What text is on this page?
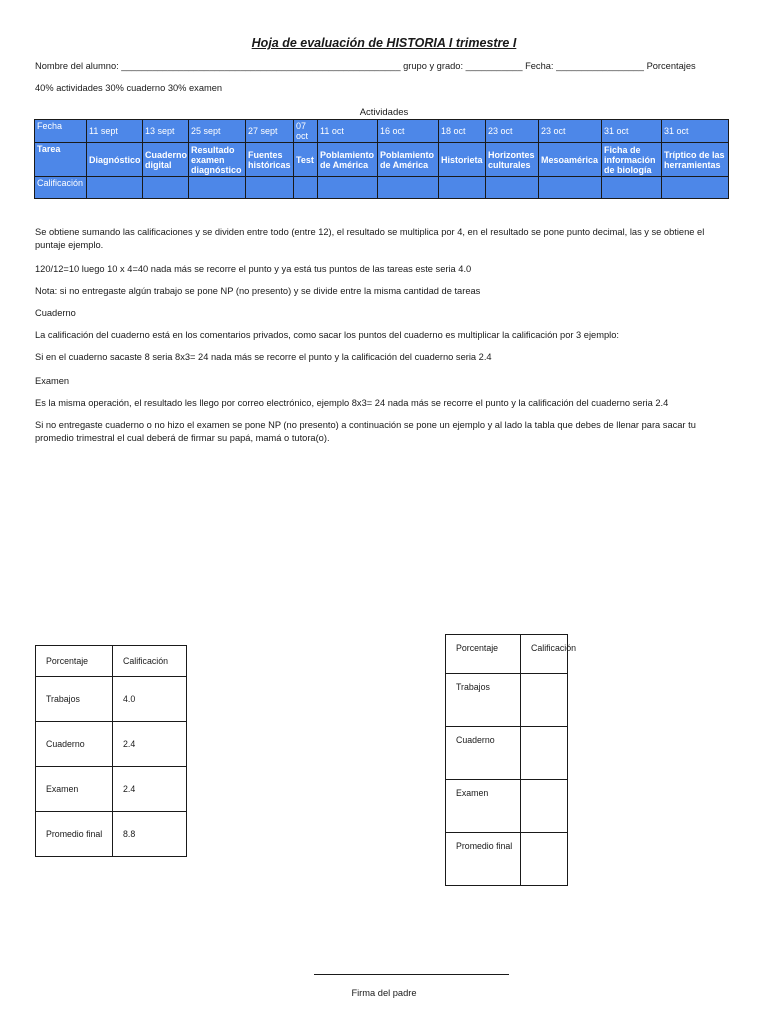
Hoja de evaluación de HISTORIA I trimestre I
Nombre del alumno: ______________________________________________________ grupo y grado: ___________ Fecha: _________________ Porcentajes
40% actividades 30% cuaderno 30% examen
Actividades
Fecha	11 sept	13 sept	25 sept	27 sept	07 oct	11 oct	16 oct	18 oct	23 oct	23 oct	31 oct	31 oct
Tarea	Diagnóstico	Cuaderno digital	Resultado examen diagnóstico	Fuentes históricas	Test	Poblamiento de América	Poblamiento de América	Historieta	Horizontes culturales	Mesoamérica	Ficha de información de biología	Tríptico de las herramientas
Calificación												
Se obtiene sumando las calificaciones y se dividen entre todo (entre 12), el resultado se multiplica por 4, en el resultado se pone punto decimal, las y se obtiene el puntaje ejemplo.
120/12=10 luego 10 x 4=40 nada más se recorre el punto y ya está tus puntos de las tareas este seria 4.0
Nota: si no entregaste algún trabajo se pone NP (no presento) y se divide entre la misma cantidad de tareas
Cuaderno
La calificación del cuaderno está en los comentarios privados, como sacar los puntos del cuaderno es multiplicar la calificación por 3 ejemplo:
Si en el cuaderno sacaste 8 seria 8x3= 24 nada más se recorre el punto y la calificación del cuaderno seria 2.4
Examen
Es la misma operación, el resultado les llego por correo electrónico, ejemplo 8x3= 24 nada más se recorre el punto y la calificación del cuaderno seria 2.4
Si no entregaste cuaderno o no hizo el examen se pone NP (no presento) a continuación se pone un ejemplo y al lado la tabla que debes de llenar para sacar tu promedio trimestral el cual deberá de firmar su papá, mamá o tutora(o).
Porcentaje	Calificación
Trabajos	4.0
Cuaderno	2.4
Examen	2.4
Promedio final	8.8
Porcentaje	Calificación
Trabajos	
Cuaderno	
Examen	
Promedio final	
Firma del padre
